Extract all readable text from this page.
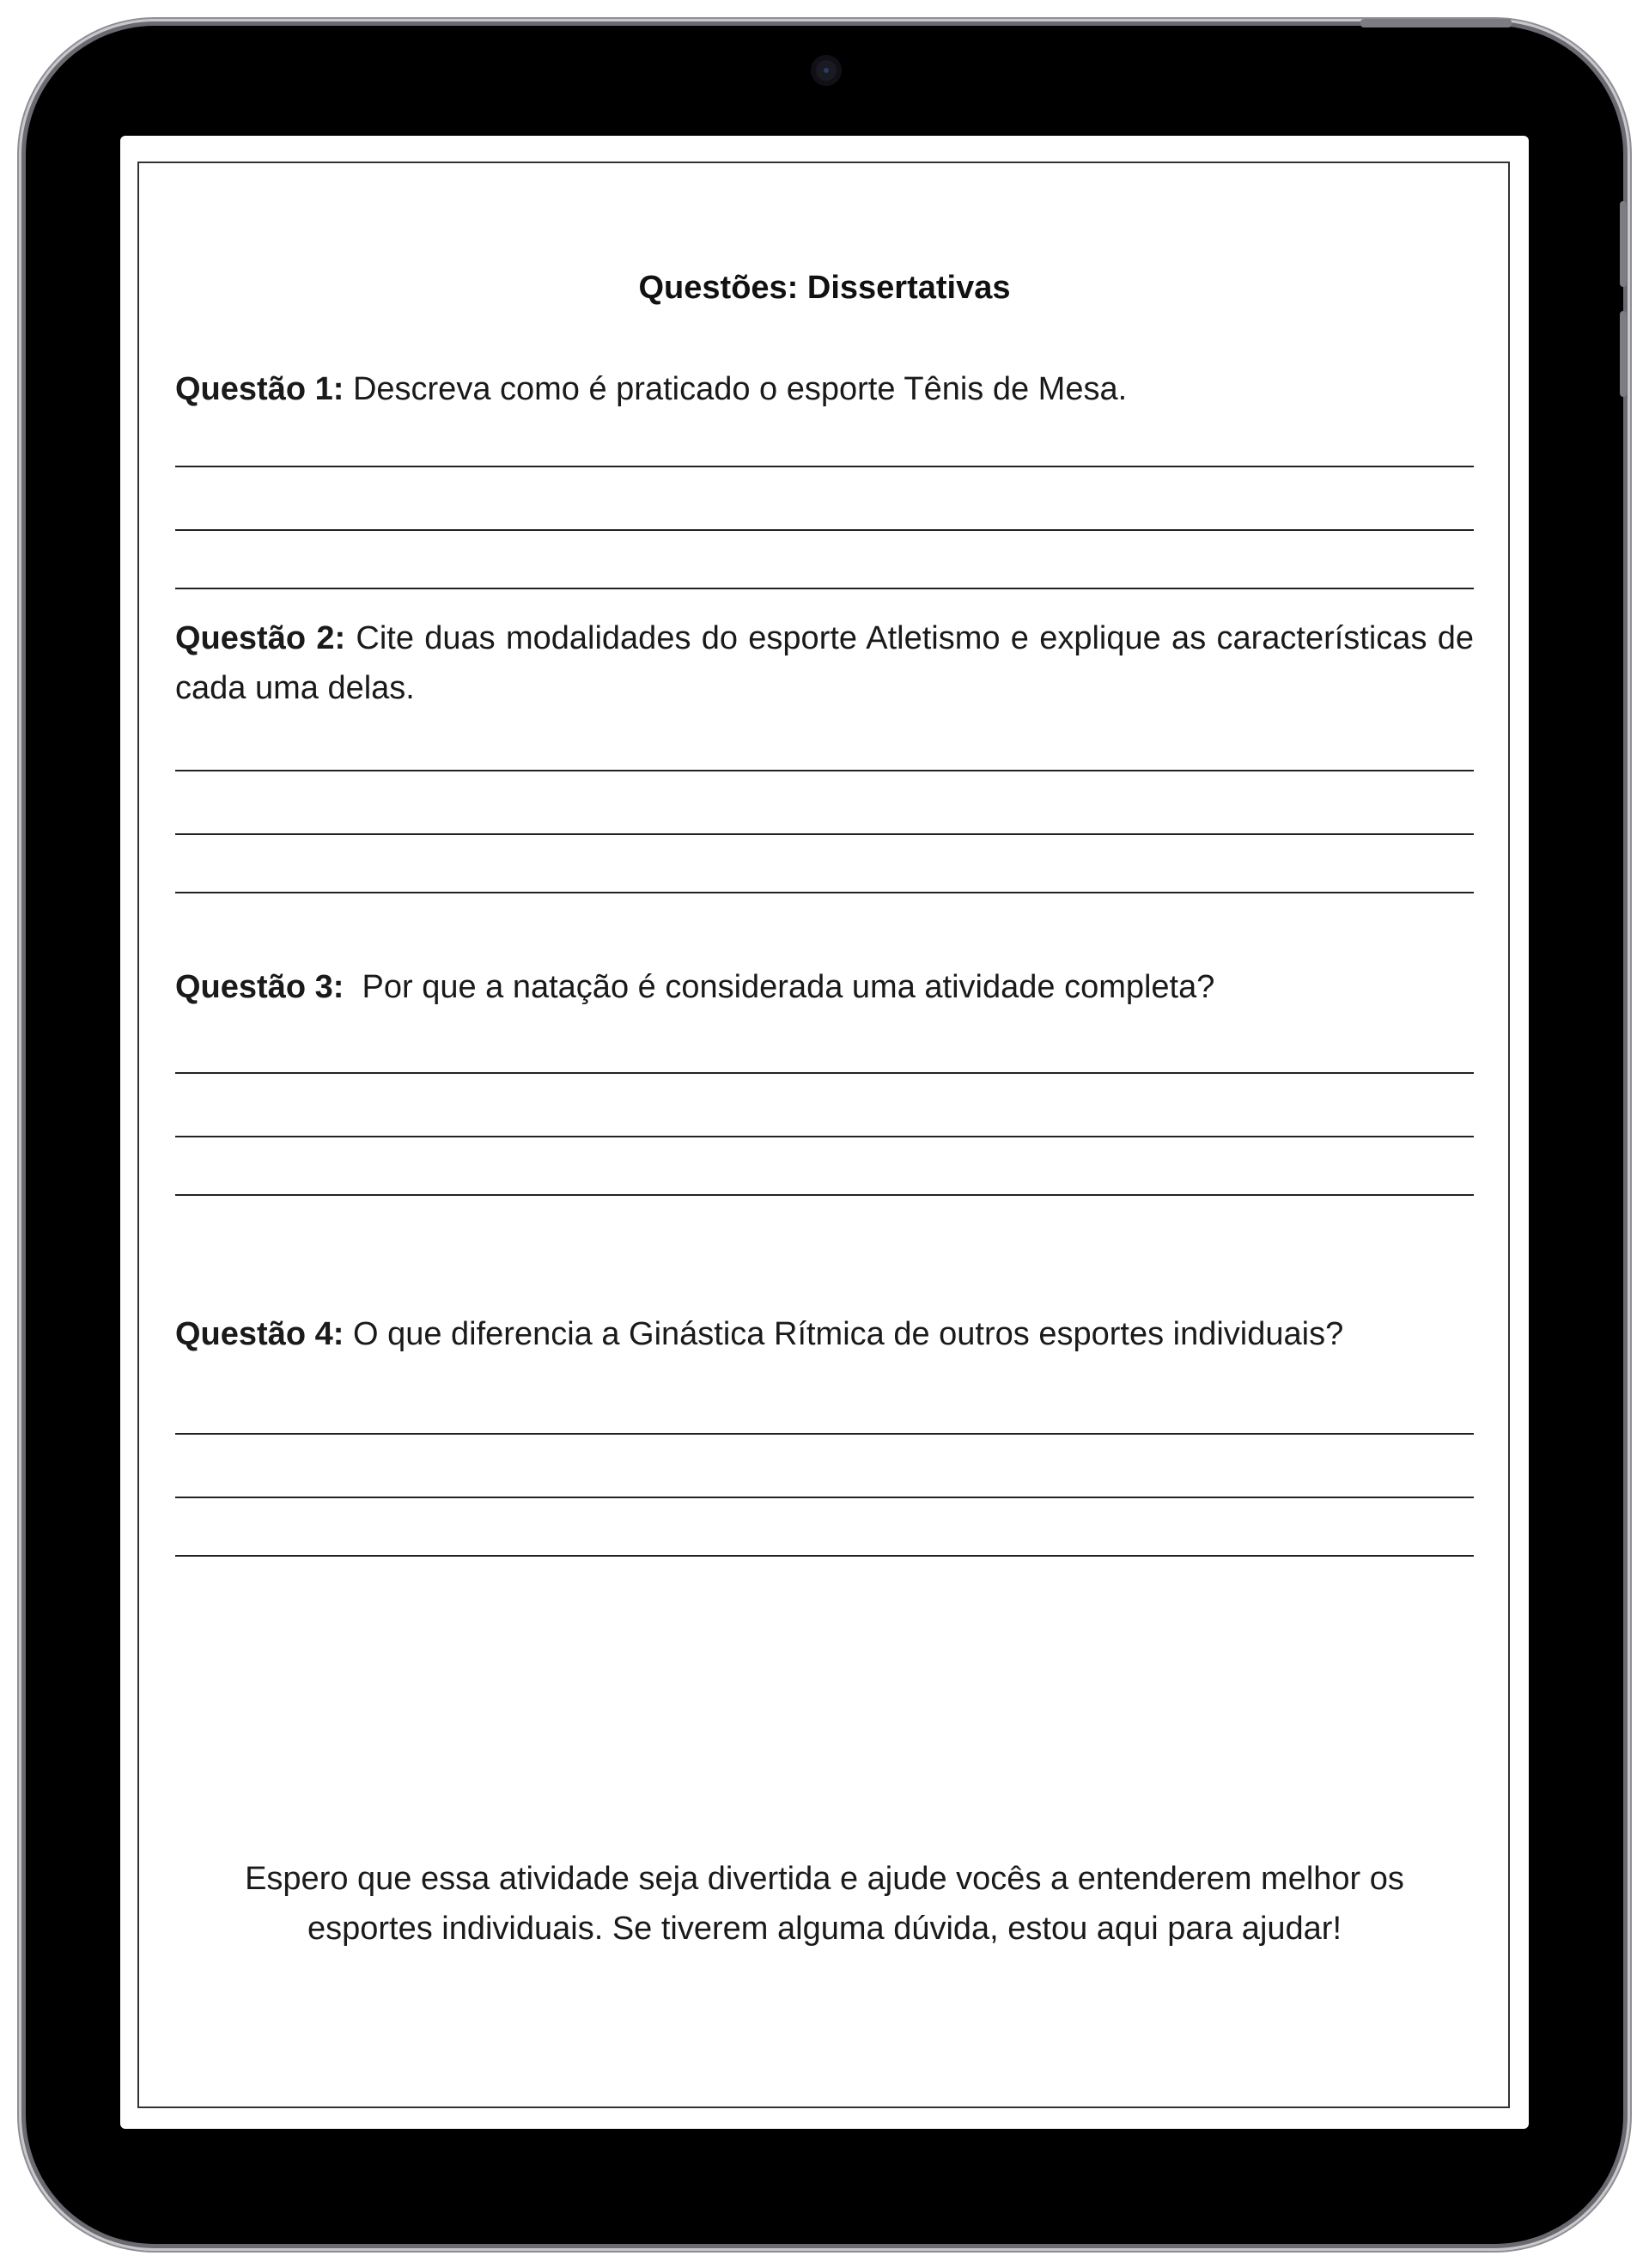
Questões: Dissertativas
Questão 1: Descreva como é praticado o esporte Tênis de Mesa.
Questão 2: Cite duas modalidades do esporte Atletismo e explique as características de cada uma delas.
Questão 3:  Por que a natação é considerada uma atividade completa?
Questão 4: O que diferencia a Ginástica Rítmica de outros esportes individuais?
Espero que essa atividade seja divertida e ajude vocês a entenderem melhor os esportes individuais. Se tiverem alguma dúvida, estou aqui para ajudar!
